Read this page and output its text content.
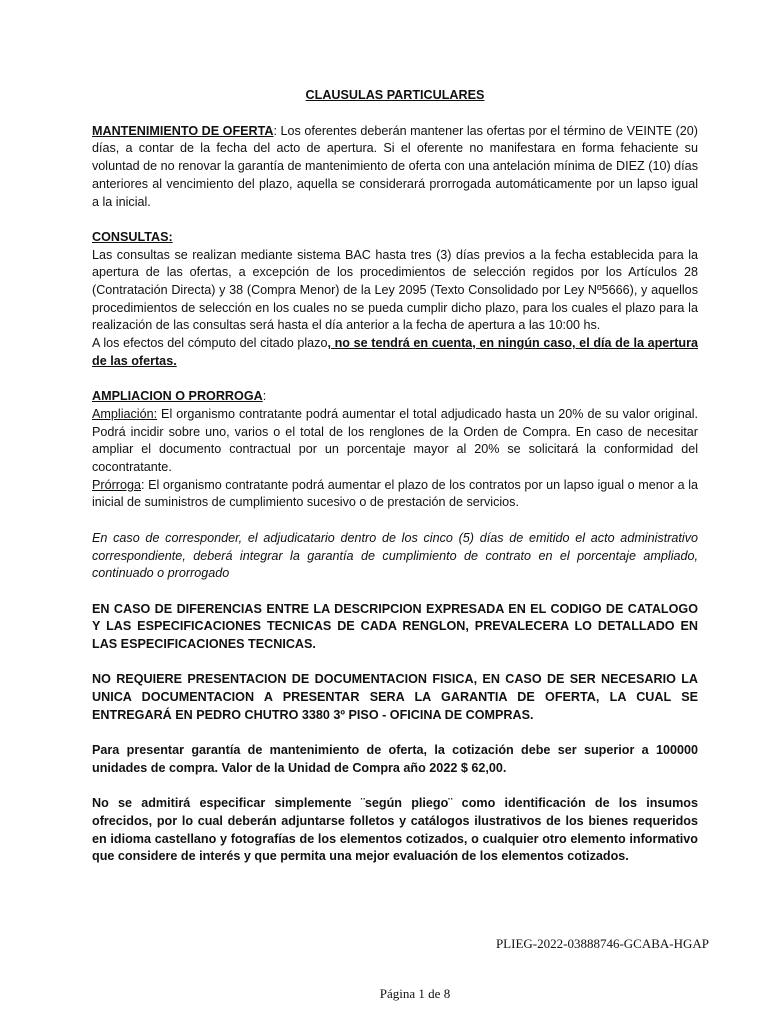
CLAUSULAS PARTICULARES

MANTENIMIENTO DE OFERTA: Los oferentes deberán mantener las ofertas por el término de VEINTE (20) días, a contar de la fecha del acto de apertura. Si el oferente no manifestara en forma fehaciente su voluntad de no renovar la garantía de mantenimiento de oferta con una antelación mínima de DIEZ (10) días anteriores al vencimiento del plazo, aquella se considerará prorrogada automáticamente por un lapso igual a la inicial.

CONSULTAS:

Las consultas se realizan mediante sistema BAC hasta tres (3) días previos a la fecha establecida para la apertura de las ofertas, a excepción de los procedimientos de selección regidos por los Artículos 28 (Contratación Directa) y 38 (Compra Menor) de la Ley 2095 (Texto Consolidado por Ley Nº5666), y aquellos procedimientos de selección en los cuales no se pueda cumplir dicho plazo, para los cuales el plazo para la realización de las consultas será hasta el día anterior a la fecha de apertura a las 10:00 hs.

A los efectos del cómputo del citado plazo, no se tendrá en cuenta, en ningún caso, el día de la apertura de las ofertas.

AMPLIACION O PRORROGA:

Ampliación: El organismo contratante podrá aumentar el total adjudicado hasta un 20% de su valor original. Podrá incidir sobre uno, varios o el total de los renglones de la Orden de Compra. En caso de necesitar ampliar el documento contractual por un porcentaje mayor al 20% se solicitará la conformidad del cocontratante.

Prórroga: El organismo contratante podrá aumentar el plazo de los contratos por un lapso igual o menor a la inicial de suministros de cumplimiento sucesivo o de prestación de servicios.

En caso de corresponder, el adjudicatario dentro de los cinco (5) días de emitido el acto administrativo correspondiente, deberá integrar la garantía de cumplimiento de contrato en el porcentaje ampliado, continuado o prorrogado

EN CASO DE DIFERENCIAS ENTRE LA DESCRIPCION EXPRESADA EN EL CODIGO DE CATALOGO Y LAS ESPECIFICACIONES TECNICAS DE CADA RENGLON, PREVALECERA LO DETALLADO EN LAS ESPECIFICACIONES TECNICAS.

NO REQUIERE PRESENTACION DE DOCUMENTACION FISICA, EN CASO DE SER NECESARIO LA UNICA DOCUMENTACION A PRESENTAR SERA LA GARANTIA DE OFERTA, LA CUAL SE ENTREGARÁ EN PEDRO CHUTRO 3380 3º PISO - OFICINA DE COMPRAS.

Para presentar garantía de mantenimiento de oferta, la cotización debe ser superior a 100000 unidades de compra. Valor de la Unidad de Compra año 2022 $ 62,00.

No se admitirá especificar simplemente ¨según pliego¨ como identificación de los insumos ofrecidos, por lo cual deberán adjuntarse folletos y catálogos ilustrativos de los bienes requeridos en idioma castellano y fotografías de los elementos cotizados, o cualquier otro elemento informativo que considere de interés y que permita una mejor evaluación de los elementos cotizados.

PLIEG-2022-03888746-GCABA-HGAP
Página 1 de 8
